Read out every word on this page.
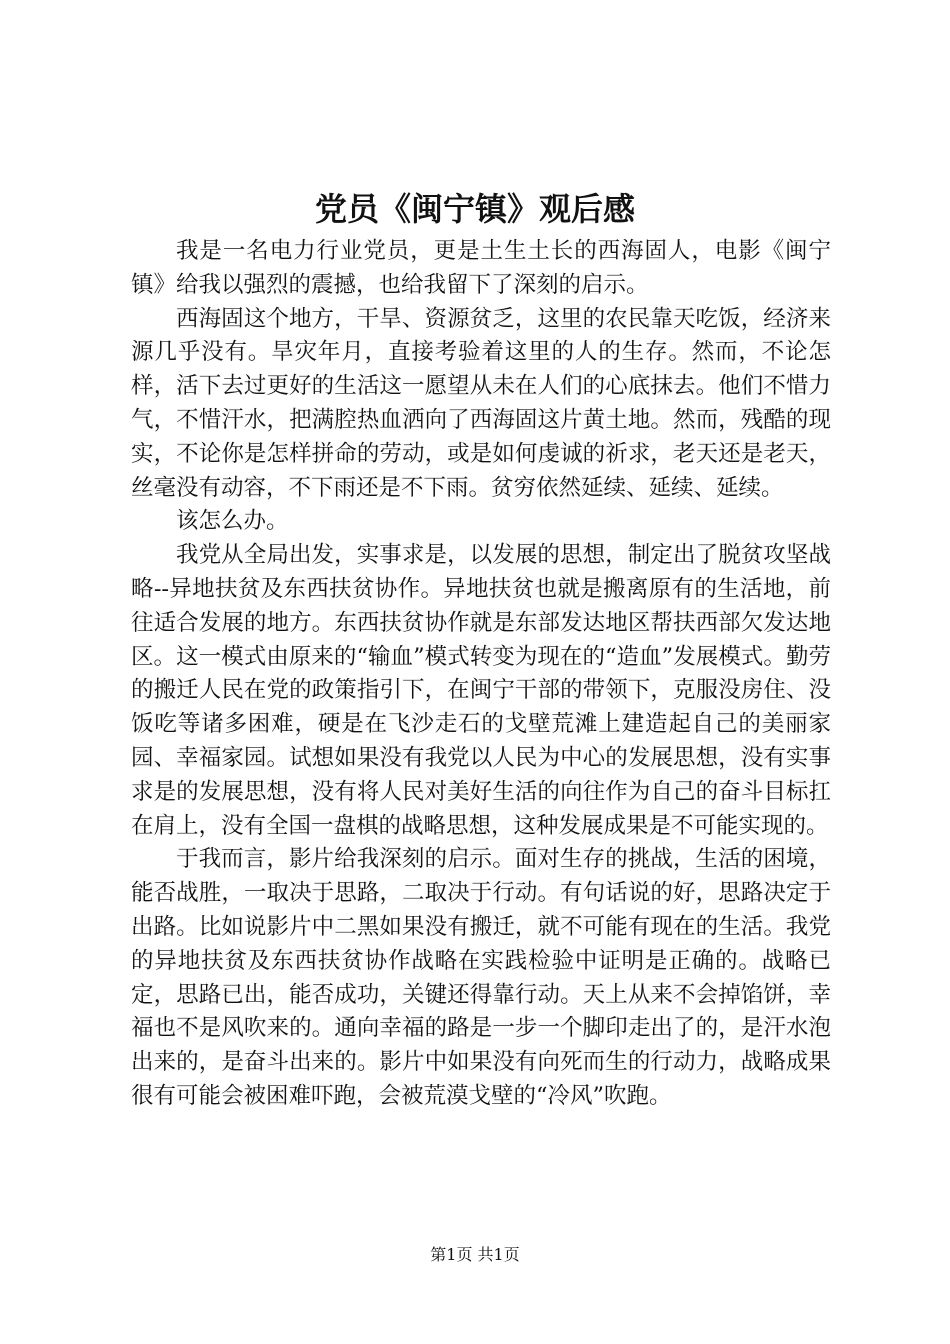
党员《闽宁镇》观后感

我是一名电力行业党员，更是土生土长的西海固人，电影《闽宁镇》给我以强烈的震撼，也给我留下了深刻的启示。

西海固这个地方，干旱、资源贫乏，这里的农民靠天吃饭，经济来源几乎没有。旱灾年月，直接考验着这里的人的生存。然而，不论怎样，活下去过更好的生活这一愿望从未在人们的心底抹去。他们不惜力气，不惜汗水，把满腔热血洒向了西海固这片黄土地。然而，残酷的现实，不论你是怎样拼命的劳动，或是如何虔诚的祈求，老天还是老天，丝毫没有动容，不下雨还是不下雨。贫穷依然延续、延续、延续。

该怎么办。

我党从全局出发，实事求是，以发展的思想，制定出了脱贫攻坚战略--异地扶贫及东西扶贫协作。异地扶贫也就是搬离原有的生活地，前往适合发展的地方。东西扶贫协作就是东部发达地区帮扶西部欠发达地区。这一模式由原来的“输血”模式转变为现在的“造血”发展模式。勤劳的搬迁人民在党的政策指引下，在闽宁干部的带领下，克服没房住、没饭吃等诸多困难，硬是在飞沙走石的戈壁荒滩上建造起自己的美丽家园、幸福家园。试想如果没有我党以人民为中心的发展思想，没有实事求是的发展思想，没有将人民对美好生活的向往作为自己的奋斗目标扛在肩上，没有全国一盘棋的战略思想，这种发展成果是不可能实现的。

于我而言，影片给我深刻的启示。面对生存的挑战，生活的困境，能否战胜，一取决于思路，二取决于行动。有句话说的好，思路决定于出路。比如说影片中二黑如果没有搬迁，就不可能有现在的生活。我党的异地扶贫及东西扶贫协作战略在实践检验中证明是正确的。战略已定，思路已出，能否成功，关键还得靠行动。天上从来不会掉馅饼，幸福也不是风吹来的。通向幸福的路是一步一个脚印走出了的，是汗水泡出来的，是奋斗出来的。影片中如果没有向死而生的行动力，战略成果很有可能会被困难吓跑，会被荒漠戈壁的“冷风”吹跑。

第1页 共1页
